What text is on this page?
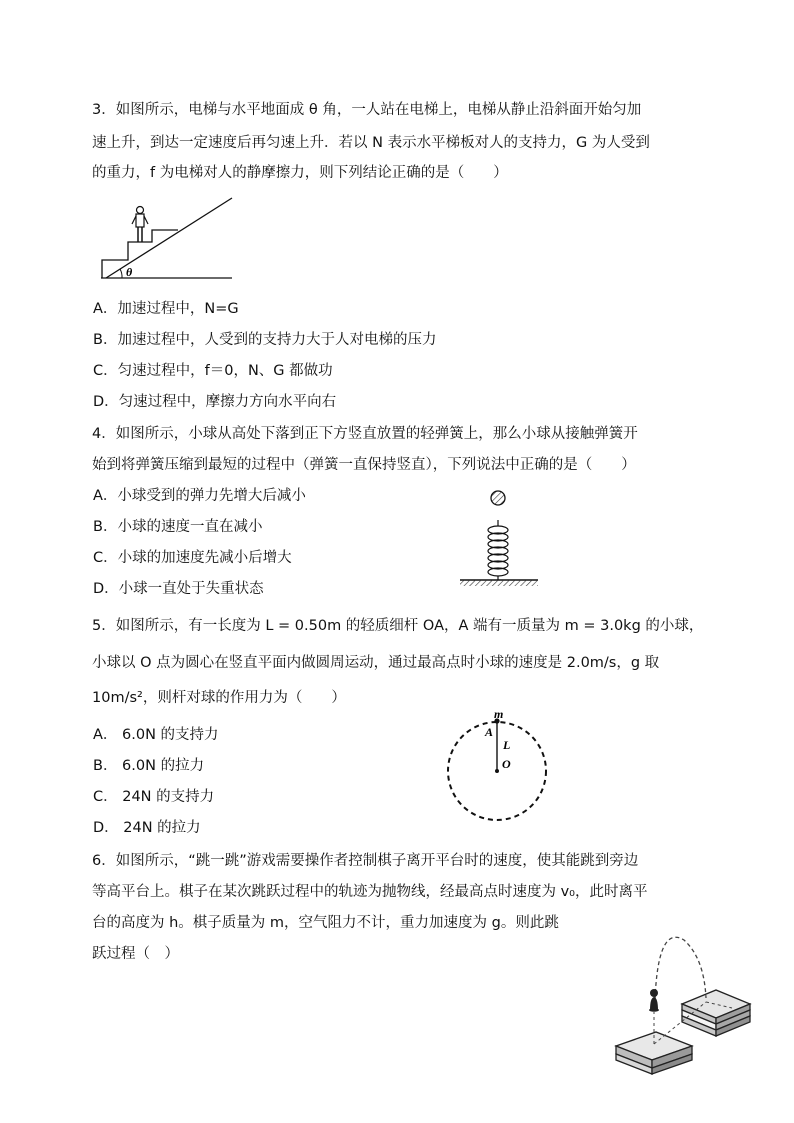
3．如图所示，电梯与水平地面成 θ 角，一人站在电梯上，电梯从静止沿斜面开始匀加
速上升，到达一定速度后再匀速上升．若以 N 表示水平梯板对人的支持力，G 为人受到
的重力，f 为电梯对人的静摩擦力，则下列结论正确的是（　　）
θ
A．加速过程中，N=G
B．加速过程中，人受到的支持力大于人对电梯的压力
C．匀速过程中，f＝0，N、G 都做功
D．匀速过程中，摩擦力方向水平向右
4．如图所示，小球从高处下落到正下方竖直放置的轻弹簧上，那么小球从接触弹簧开
始到将弹簧压缩到最短的过程中（弹簧一直保持竖直），下列说法中正确的是（　　）
A．小球受到的弹力先增大后减小
B．小球的速度一直在减小
C．小球的加速度先减小后增大
D．小球一直处于失重状态
5．如图所示，有一长度为 L = 0.50m 的轻质细杆 OA，A 端有一质量为 m = 3.0kg 的小球，
小球以 O 点为圆心在竖直平面内做圆周运动，通过最高点时小球的速度是 2.0m/s，g 取
10m/s²，则杆对球的作用力为（　　）
A． 6.0N 的支持力
B． 6.0N 的拉力
C． 24N 的支持力
D． 24N 的拉力
m
A
L
O
6．如图所示，“跳一跳”游戏需要操作者控制棋子离开平台时的速度，使其能跳到旁边
等高平台上。棋子在某次跳跃过程中的轨迹为抛物线，经最高点时速度为 v₀，此时离平
台的高度为 h。棋子质量为 m，空气阻力不计，重力加速度为 g。则此跳
跃过程（　）
